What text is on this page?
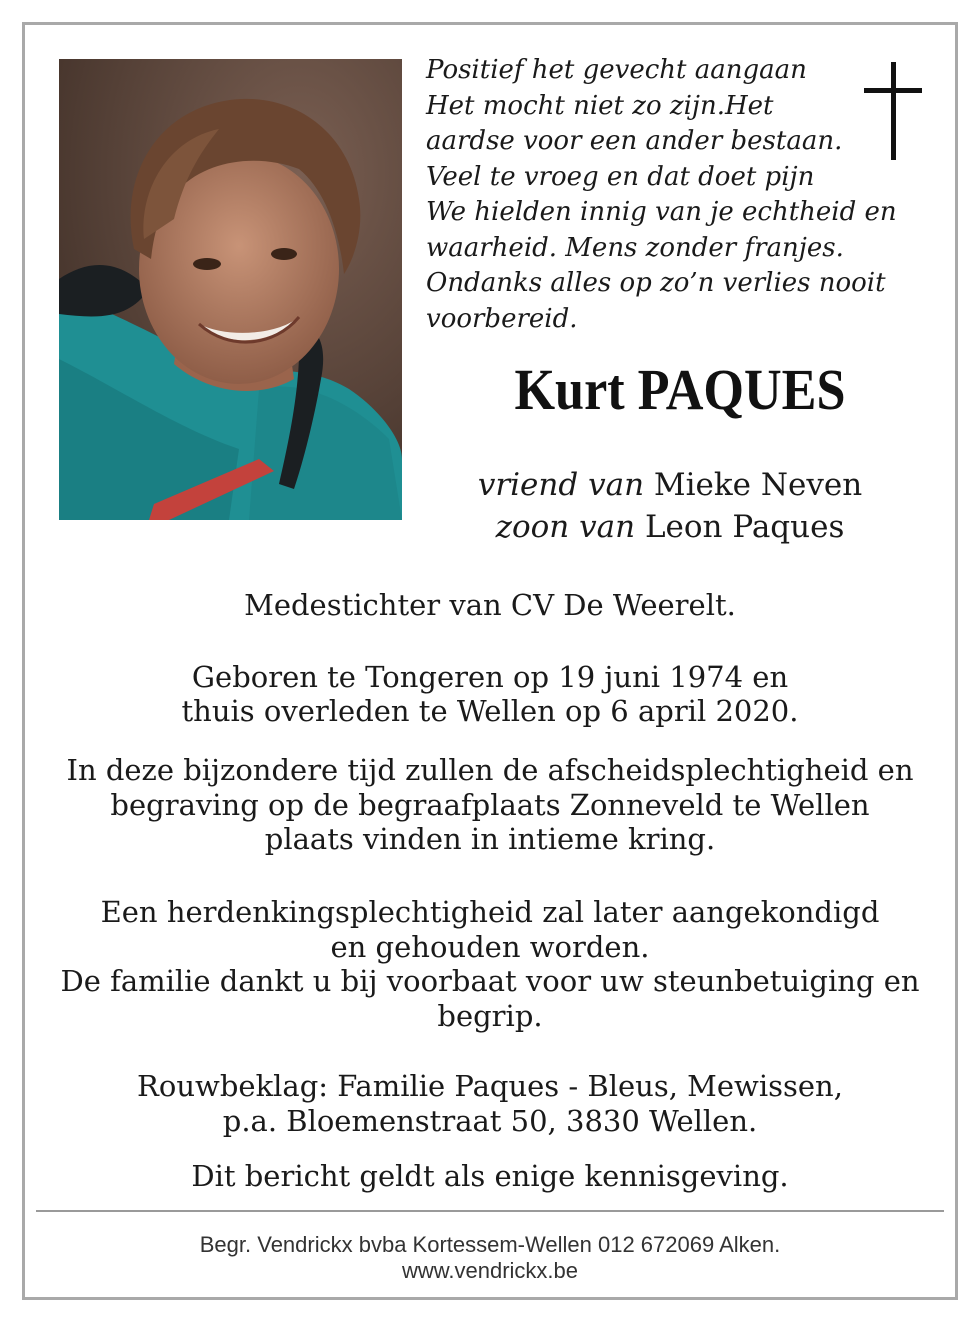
Positief het gevecht aangaan
Het mocht niet zo zijn.Het
aardse voor een ander bestaan.
Veel te vroeg en dat doet pijn
We hielden innig van je echtheid en
waarheid. Mens zonder franjes.
Ondanks alles op zo’n verlies nooit
voorbereid.
Kurt PAQUES
vriend van Mieke Neven
zoon van Leon Paques
Medestichter van CV De Weerelt.
Geboren te Tongeren op 19 juni 1974 en
thuis overleden te Wellen op 6 april 2020.
In deze bijzondere tijd zullen de afscheidsplechtigheid en
begraving op de begraafplaats Zonneveld te Wellen
plaats vinden in intieme kring.
Een herdenkingsplechtigheid zal later aangekondigd
en gehouden worden.
De familie dankt u bij voorbaat voor uw steunbetuiging en
begrip.
Rouwbeklag: Familie Paques - Bleus, Mewissen,
p.a. Bloemenstraat 50, 3830 Wellen.
Dit bericht geldt als enige kennisgeving.
Begr. Vendrickx bvba Kortessem-Wellen 012 672069 Alken.
www.vendrickx.be
